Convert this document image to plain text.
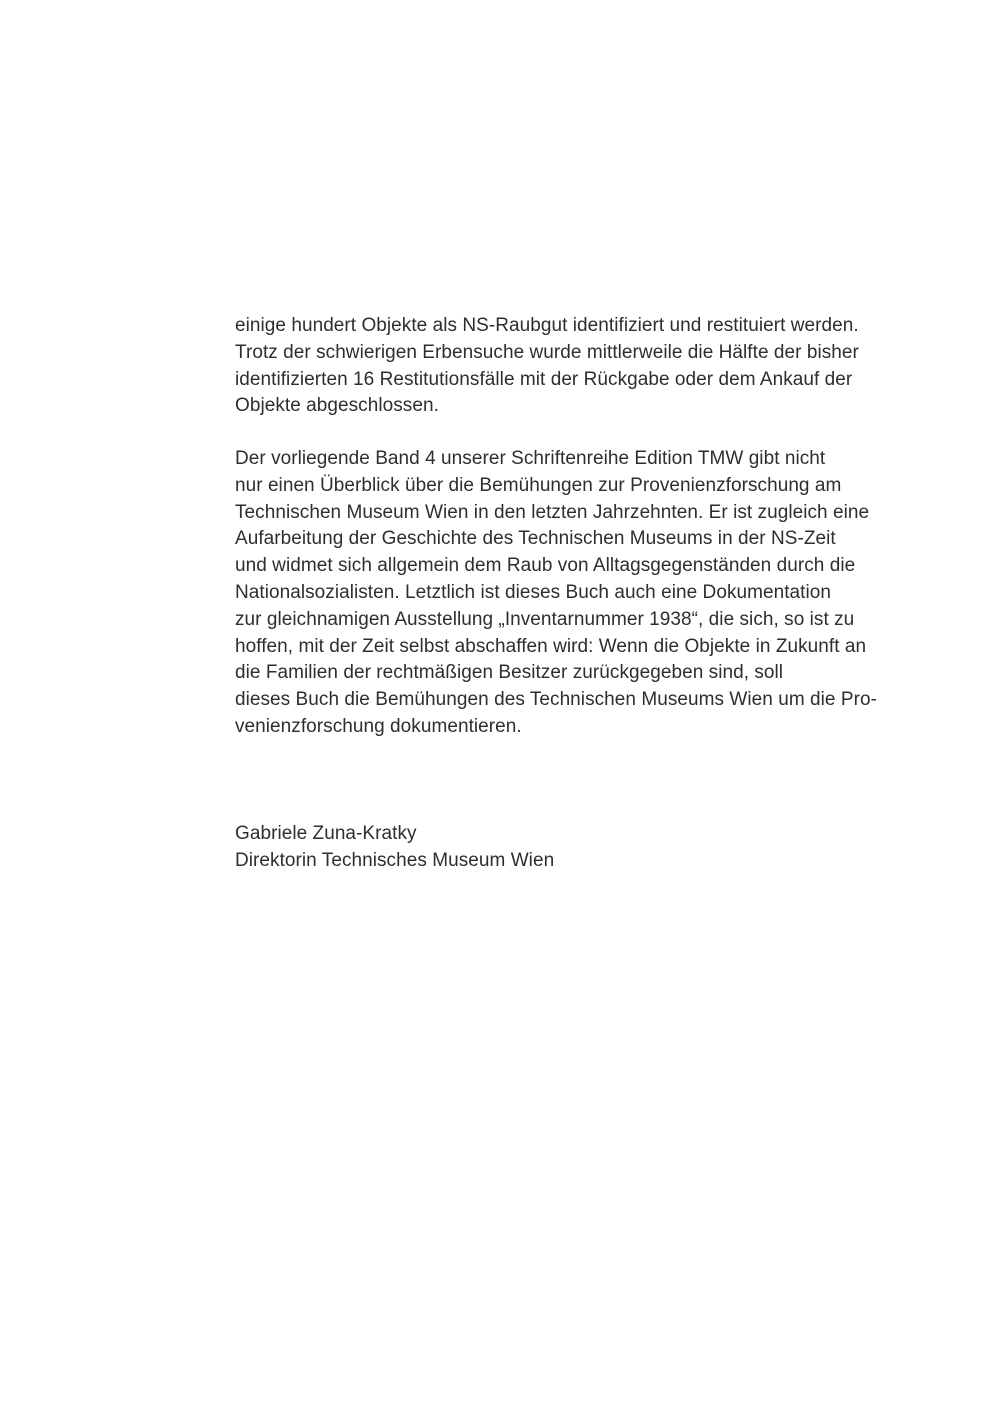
einige hundert Objekte als NS-Raubgut identifiziert und restituiert werden.
Trotz der schwierigen Erbensuche wurde mittlerweile die Hälfte der bisher
identifizierten 16 Restitutionsfälle mit der Rückgabe oder dem Ankauf der
Objekte abgeschlossen.
Der vorliegende Band 4 unserer Schriftenreihe Edition TMW gibt nicht
nur einen Überblick über die Bemühungen zur Provenienzforschung am
Technischen Museum Wien in den letzten Jahrzehnten. Er ist zugleich eine
Aufarbeitung der Geschichte des Technischen Museums in der NS-Zeit
und widmet sich allgemein dem Raub von Alltagsgegenständen durch die
Nationalsozialisten. Letztlich ist dieses Buch auch eine Dokumentation
zur gleichnamigen Ausstellung „Inventarnummer 1938“, die sich, so ist zu
hoffen, mit der Zeit selbst abschaffen wird: Wenn die Objekte in Zukunft an
die Familien der rechtmäßigen Besitzer zurückgegeben sind, soll
dieses Buch die Bemühungen des Technischen Museums Wien um die Pro-
venienzforschung dokumentieren.
Gabriele Zuna-Kratky
Direktorin Technisches Museum Wien
